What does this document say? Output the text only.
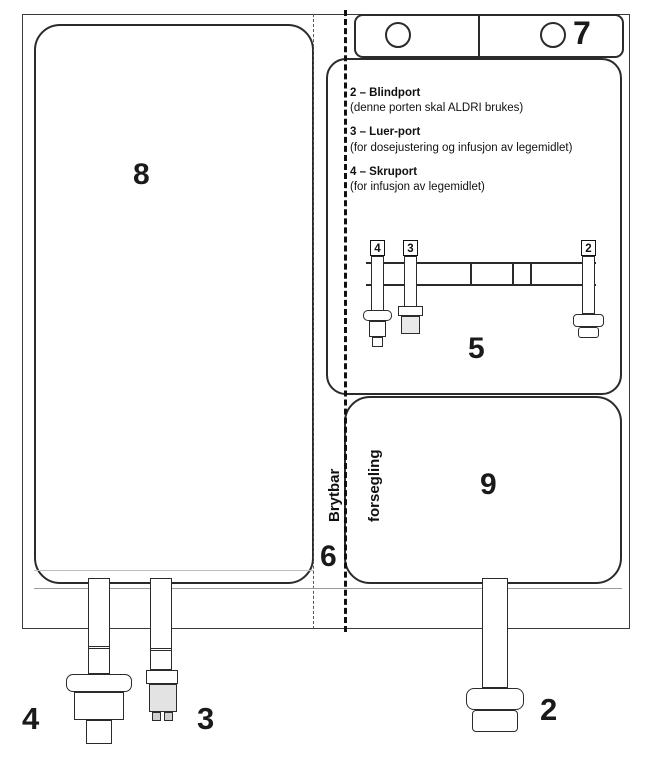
7
8
2 – Blindport
(denne porten skal ALDRI brukes)
3 – Luer-port
(for dosejustering og infusjon av legemidlet)
4 – Skruport
(for infusjon av legemidlet)
4	3	2
5
9
Brytbar forsegling
6
4	3	2
